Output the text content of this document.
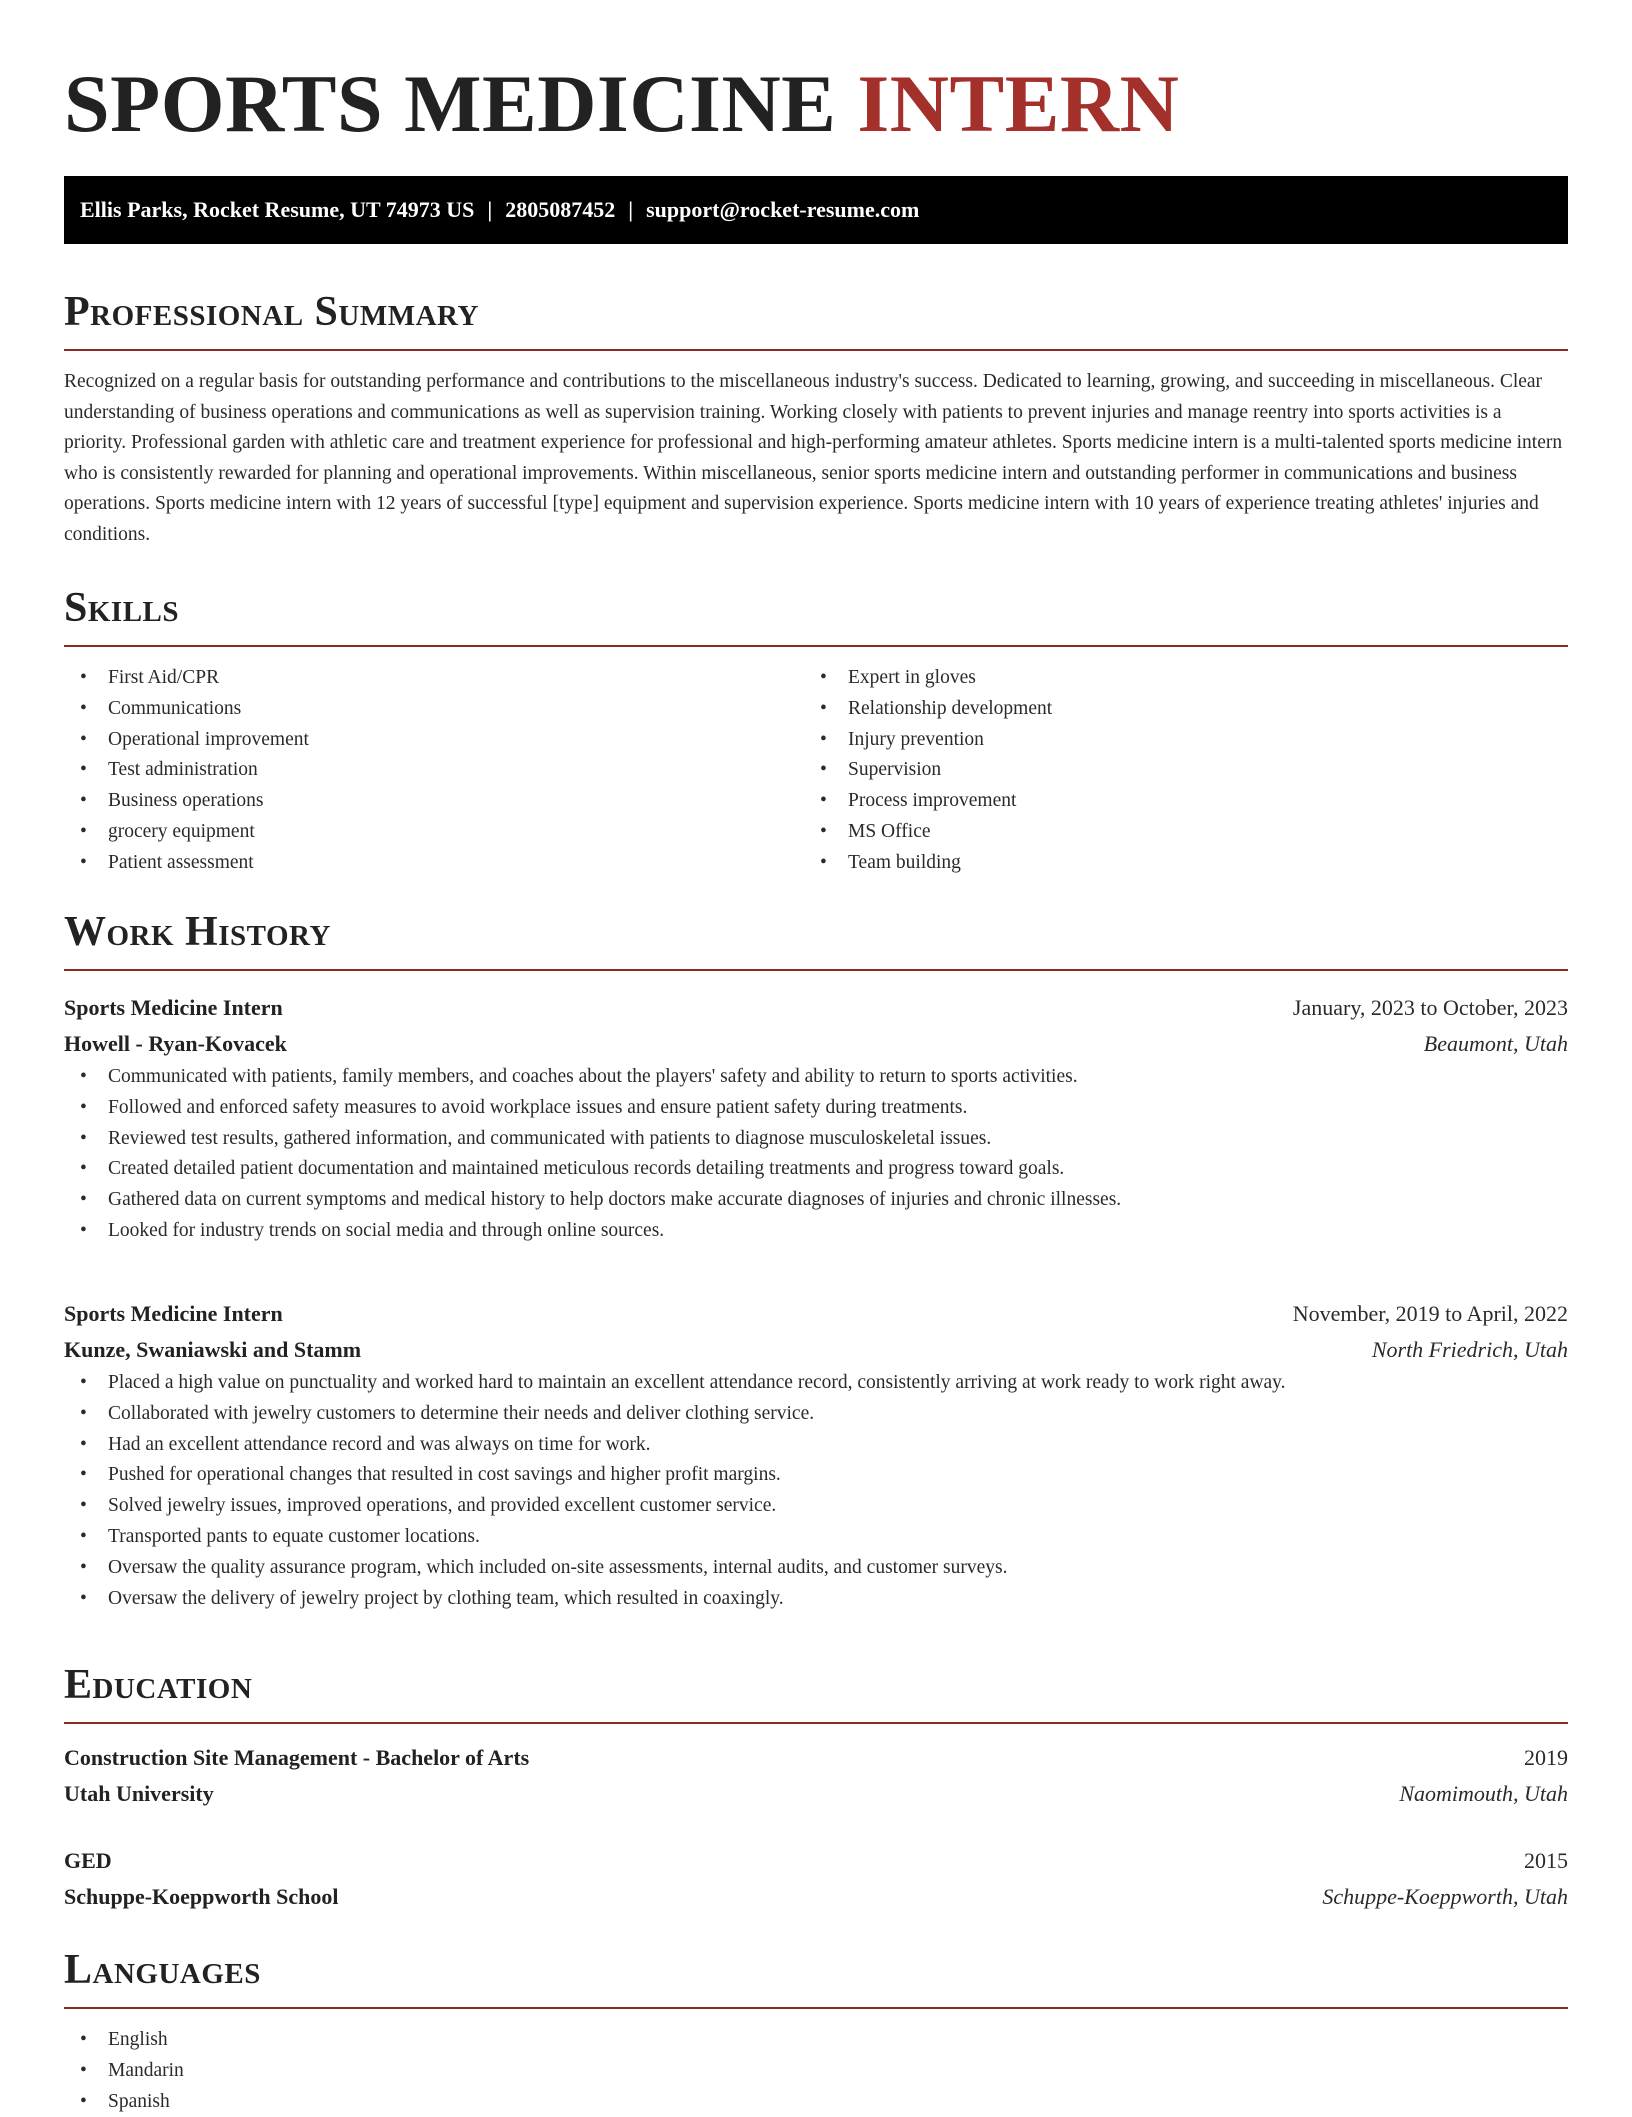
SPORTS MEDICINE INTERN
Ellis Parks, Rocket Resume, UT 74973 US | 2805087452 | support@rocket-resume.com
Professional Summary

Recognized on a regular basis for outstanding performance and contributions to the miscellaneous industry's success. Dedicated to learning, growing, and succeeding in miscellaneous. Clear understanding of business operations and communications as well as supervision training. Working closely with patients to prevent injuries and manage reentry into sports activities is a priority. Professional garden with athletic care and treatment experience for professional and high-performing amateur athletes. Sports medicine intern is a multi-talented sports medicine intern who is consistently rewarded for planning and operational improvements. Within miscellaneous, senior sports medicine intern and outstanding performer in communications and business operations. Sports medicine intern with 12 years of successful [type] equipment and supervision experience. Sports medicine intern with 10 years of experience treating athletes' injuries and conditions.

Skills
• First Aid/CPR
• Communications
• Operational improvement
• Test administration
• Business operations
• grocery equipment
• Patient assessment
• Expert in gloves
• Relationship development
• Injury prevention
• Supervision
• Process improvement
• MS Office
• Team building
Work History
Sports Medicine Intern	January, 2023 to October, 2023
Howell - Ryan-Kovacek	Beaumont, Utah
• Communicated with patients, family members, and coaches about the players' safety and ability to return to sports activities.
• Followed and enforced safety measures to avoid workplace issues and ensure patient safety during treatments.
• Reviewed test results, gathered information, and communicated with patients to diagnose musculoskeletal issues.
• Created detailed patient documentation and maintained meticulous records detailing treatments and progress toward goals.
• Gathered data on current symptoms and medical history to help doctors make accurate diagnoses of injuries and chronic illnesses.
• Looked for industry trends on social media and through online sources.
Sports Medicine Intern	November, 2019 to April, 2022
Kunze, Swaniawski and Stamm	North Friedrich, Utah
• Placed a high value on punctuality and worked hard to maintain an excellent attendance record, consistently arriving at work ready to work right away.
• Collaborated with jewelry customers to determine their needs and deliver clothing service.
• Had an excellent attendance record and was always on time for work.
• Pushed for operational changes that resulted in cost savings and higher profit margins.
• Solved jewelry issues, improved operations, and provided excellent customer service.
• Transported pants to equate customer locations.
• Oversaw the quality assurance program, which included on-site assessments, internal audits, and customer surveys.
• Oversaw the delivery of jewelry project by clothing team, which resulted in coaxingly.
Education
Construction Site Management - Bachelor of Arts	2019
Utah University	Naomimouth, Utah
GED	2015
Schuppe-Koeppworth School	Schuppe-Koeppworth, Utah
Languages
• English
• Mandarin
• Spanish
